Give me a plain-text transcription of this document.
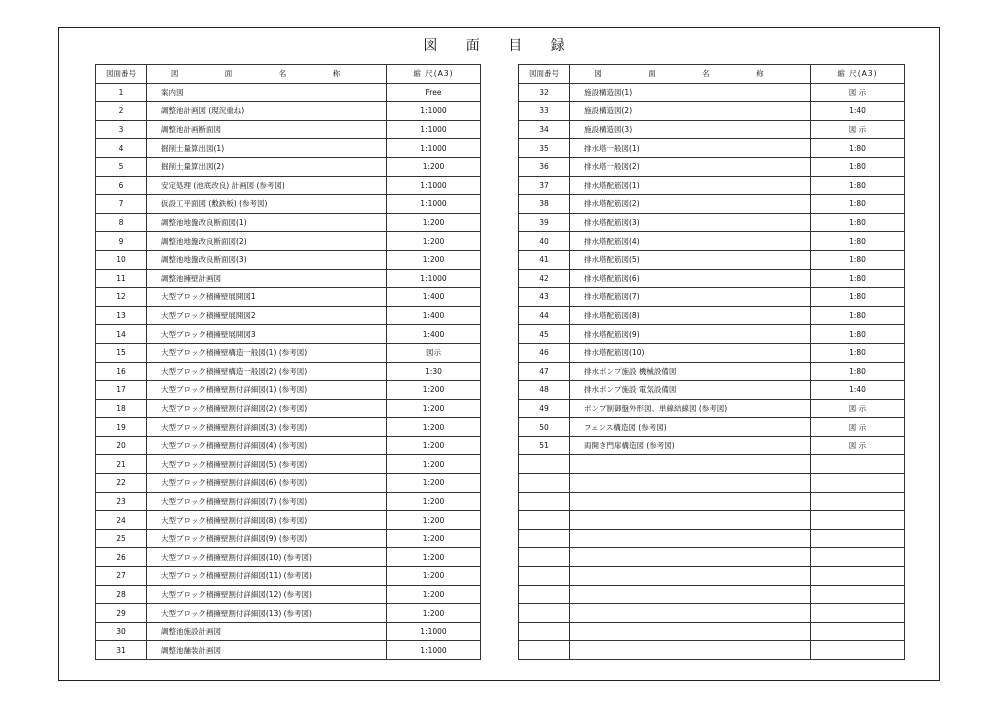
図 面 目 録
図面番号	図 面 名 称	縮 尺(A3)
1	案内図	Free
2	調整池計画図 (現況重ね)	1:1000
3	調整池計画断面図	1:1000
4	掘削土量算出図(1)	1:1000
5	掘削土量算出図(2)	1:200
6	安定処理 (池底改良) 計画図 (参考図)	1:1000
7	仮設工平面図 (敷鉄板) (参考図)	1:1000
8	調整池地盤改良断面図(1)	1:200
9	調整池地盤改良断面図(2)	1:200
10	調整池地盤改良断面図(3)	1:200
11	調整池擁壁計画図	1:1000
12	大型ブロック積擁壁展開図1	1:400
13	大型ブロック積擁壁展開図2	1:400
14	大型ブロック積擁壁展開図3	1:400
15	大型ブロック積擁壁構造一般図(1) (参考図)	図示
16	大型ブロック積擁壁構造一般図(2) (参考図)	1:30
17	大型ブロック積擁壁割付詳細図(1) (参考図)	1:200
18	大型ブロック積擁壁割付詳細図(2) (参考図)	1:200
19	大型ブロック積擁壁割付詳細図(3) (参考図)	1:200
20	大型ブロック積擁壁割付詳細図(4) (参考図)	1:200
21	大型ブロック積擁壁割付詳細図(5) (参考図)	1:200
22	大型ブロック積擁壁割付詳細図(6) (参考図)	1:200
23	大型ブロック積擁壁割付詳細図(7) (参考図)	1:200
24	大型ブロック積擁壁割付詳細図(8) (参考図)	1:200
25	大型ブロック積擁壁割付詳細図(9) (参考図)	1:200
26	大型ブロック積擁壁割付詳細図(10) (参考図)	1:200
27	大型ブロック積擁壁割付詳細図(11) (参考図)	1:200
28	大型ブロック積擁壁割付詳細図(12) (参考図)	1:200
29	大型ブロック積擁壁割付詳細図(13) (参考図)	1:200
30	調整池施設計画図	1:1000
31	調整池舗装計画図	1:1000
図面番号	図 面 名 称	縮 尺(A3)
32	施設構造図(1)	図 示
33	施設構造図(2)	1:40
34	施設構造図(3)	図 示
35	排水塔一般図(1)	1:80
36	排水塔一般図(2)	1:80
37	排水塔配筋図(1)	1:80
38	排水塔配筋図(2)	1:80
39	排水塔配筋図(3)	1:80
40	排水塔配筋図(4)	1:80
41	排水塔配筋図(5)	1:80
42	排水塔配筋図(6)	1:80
43	排水塔配筋図(7)	1:80
44	排水塔配筋図(8)	1:80
45	排水塔配筋図(9)	1:80
46	排水塔配筋図(10)	1:80
47	排水ポンプ施設 機械設備図	1:80
48	排水ポンプ施設 電気設備図	1:40
49	ポンプ制御盤外形図、単線結線図 (参考図)	図 示
50	フェンス構造図 (参考図)	図 示
51	両開き門扉構造図 (参考図)	図 示
